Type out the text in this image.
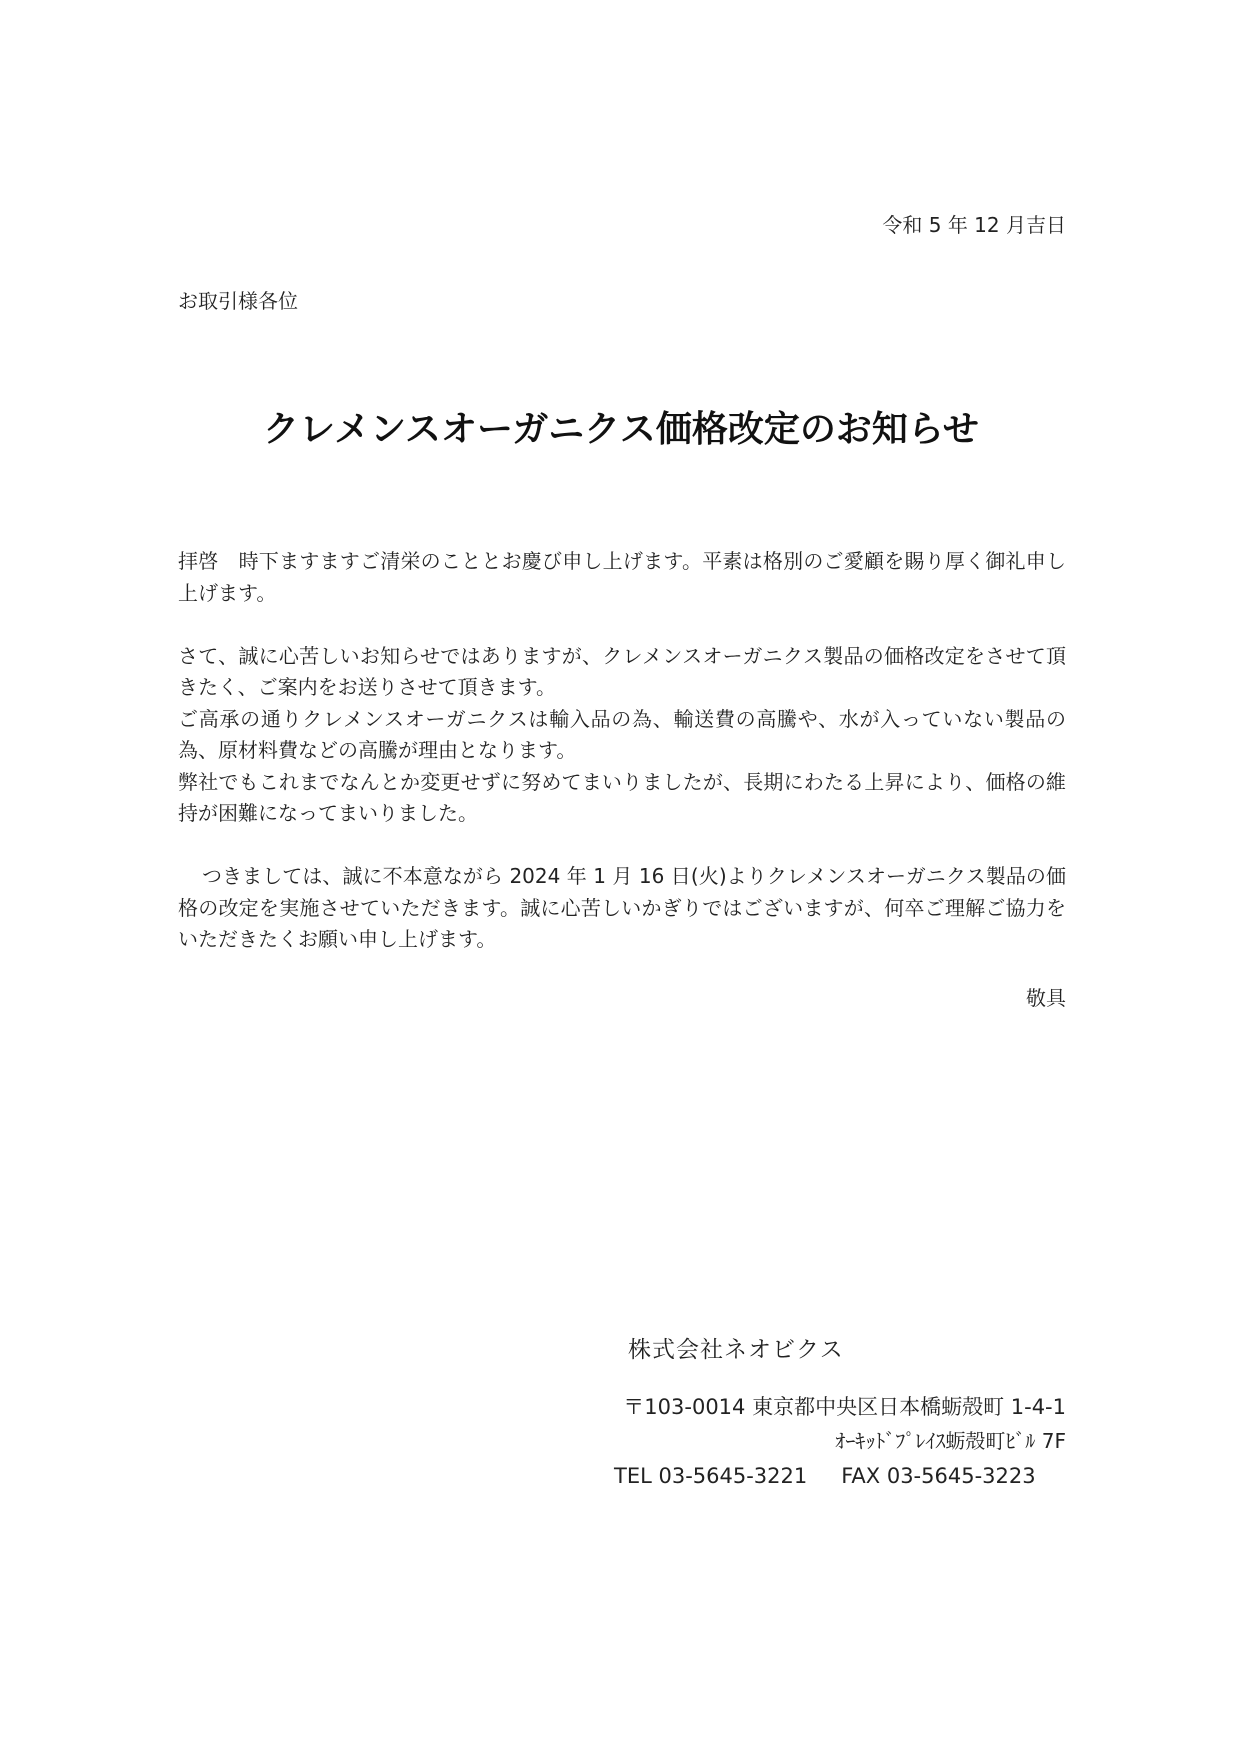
令和 5 年 12 月吉日
お取引様各位
クレメンスオーガニクス価格改定のお知らせ

拝啓　時下ますますご清栄のこととお慶び申し上げます。平素は格別のご愛顧を賜り厚く御礼申し上げます。

さて、誠に心苦しいお知らせではありますが、クレメンスオーガニクス製品の価格改定をさせて頂きたく、ご案内をお送りさせて頂きます。

ご高承の通りクレメンスオーガニクスは輸入品の為、輸送費の高騰や、水が入っていない製品の為、原材料費などの高騰が理由となります。

弊社でもこれまでなんとか変更せずに努めてまいりましたが、長期にわたる上昇により、価格の維持が困難になってまいりました。

つきましては、誠に不本意ながら 2024 年 1 月 16 日(火)よりクレメンスオーガニクス製品の価格の改定を実施させていただきます。誠に心苦しいかぎりではございますが、何卒ご理解ご協力をいただきたくお願い申し上げます。

敬具
株式会社ネオビクス
〒103-0014 東京都中央区日本橋蛎殻町 1-4-1
ｵｰｷｯﾄﾞﾌﾟﾚｲｽ蛎殻町ﾋﾞﾙ 7F
TEL 03-5645-3221 FAX 03-5645-3223
